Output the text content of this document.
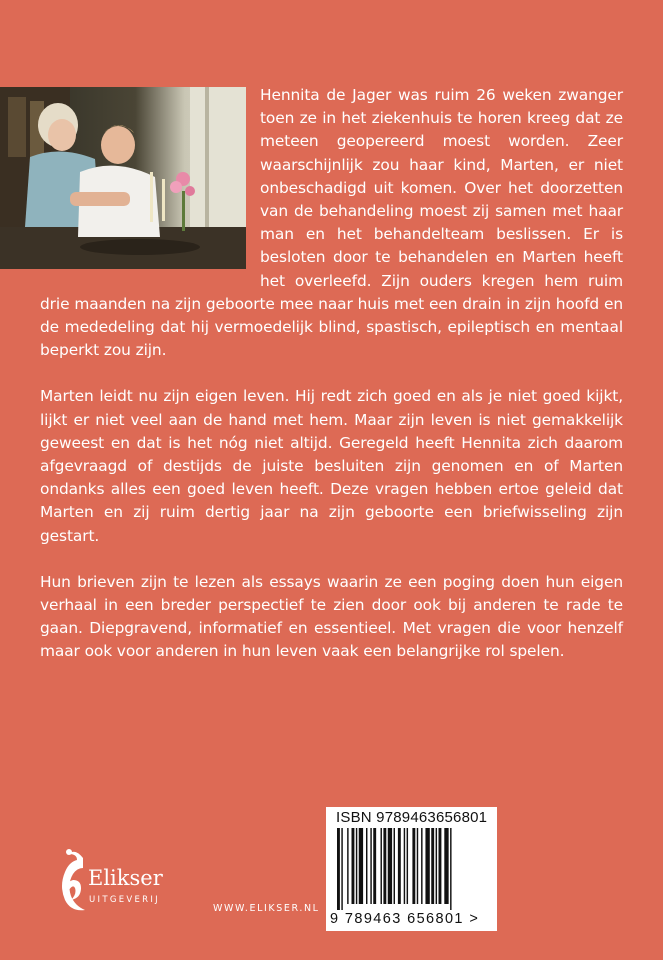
Hennita de Jager was ruim 26 weken zwanger toen ze in het ziekenhuis te horen kreeg dat ze meteen geopereerd moest worden. Zeer waarschijnlijk zou haar kind, Marten, er niet onbeschadigd uit komen. Over het doorzetten van de behandeling moest zij samen met haar man en het behandelteam beslissen. Er is besloten door te behandelen en Marten heeft het overleefd. Zijn ouders kregen hem ruim drie maanden na zijn geboorte mee naar huis met een drain in zijn hoofd en de mededeling dat hij vermoedelijk blind, spastisch, epileptisch en mentaal beperkt zou zijn.

Marten leidt nu zijn eigen leven. Hij redt zich goed en als je niet goed kijkt, lijkt er niet veel aan de hand met hem. Maar zijn leven is niet gemakkelijk geweest en dat is het nóg niet altijd. Geregeld heeft Hennita zich daarom afgevraagd of destijds de juiste besluiten zijn genomen en of Marten ondanks alles een goed leven heeft. Deze vragen hebben ertoe geleid dat Marten en zij ruim dertig jaar na zijn geboorte een briefwisseling zijn gestart.

Hun brieven zijn te lezen als essays waarin ze een poging doen hun eigen verhaal in een breder perspectief te zien door ook bij anderen te rade te gaan. Diepgravend, informatief en essentieel. Met vragen die voor henzelf maar ook voor anderen in hun leven vaak een belangrijke rol spelen.

Elikser
UITGEVERIJ
WWW.ELIKSER.NL
ISBN 9789463656801
9 789463 656801 >
